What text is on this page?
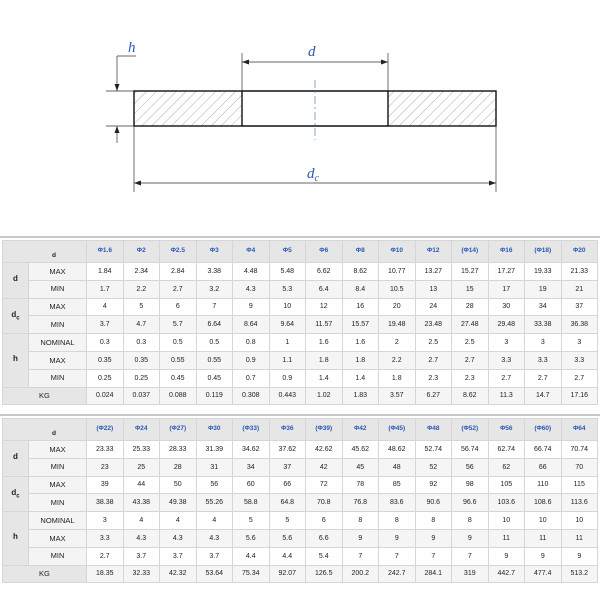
h	d
$d_c$
d		Φ1.6	Φ2	Φ2.5	Φ3	Φ4	Φ5	Φ6	Φ8	Φ10	Φ12	(Φ14)	Φ16	(Φ18)	Φ20
d	MAX	1.84	2.34	2.84	3.38	4.48	5.48	6.62	8.62	10.77	13.27	15.27	17.27	19.33	21.33
	MIN	1.7	2.2	2.7	3.2	4.3	5.3	6.4	8.4	10.5	13	15	17	19	21
$d_c$	MAX	4	5	6	7	9	10	12	16	20	24	28	30	34	37
	MIN	3.7	4.7	5.7	6.64	8.64	9.64	11.57	15.57	19.48	23.48	27.48	29.48	33.38	36.38
h	NOMINAL	0.3	0.3	0.5	0.5	0.8	1	1.6	1.6	2	2.5	2.5	3	3	3
	MAX	0.35	0.35	0.55	0.55	0.9	1.1	1.8	1.8	2.2	2.7	2.7	3.3	3.3	3.3
	MIN	0.25	0.25	0.45	0.45	0.7	0.9	1.4	1.4	1.8	2.3	2.3	2.7	2.7	2.7
KG		0.024	0.037	0.088	0.119	0.308	0.443	1.02	1.83	3.57	6.27	8.62	11.3	14.7	17.16
d		(Φ22)	Φ24	(Φ27)	Φ30	(Φ33)	Φ36	(Φ39)	Φ42	(Φ45)	Φ48	(Φ52)	Φ56	(Φ60)	Φ64
d	MAX	23.33	25.33	28.33	31.39	34.62	37.62	42.62	45.62	48.62	52.74	56.74	62.74	66.74	70.74
	MIN	23	25	28	31	34	37	42	45	48	52	56	62	66	70
$d_c$	MAX	39	44	50	56	60	66	72	78	85	92	98	105	110	115
	MIN	38.38	43.38	49.38	55.26	58.8	64.8	70.8	76.8	83.6	90.6	96.6	103.6	108.6	113.6
h	NOMINAL	3	4	4	4	5	5	6	8	8	8	8	10	10	10
	MAX	3.3	4.3	4.3	4.3	5.6	5.6	6.6	9	9	9	9	11	11	11
	MIN	2.7	3.7	3.7	3.7	4.4	4.4	5.4	7	7	7	7	9	9	9
KG		18.35	32.33	42.32	53.64	75.34	92.07	126.5	200.2	242.7	284.1	319	442.7	477.4	513.2
